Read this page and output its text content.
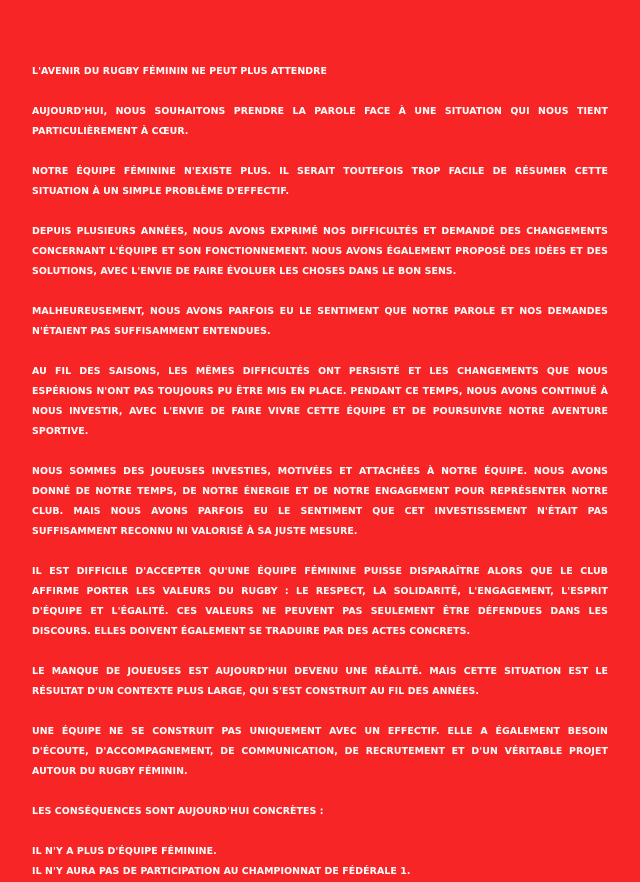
L'AVENIR DU RUGBY FÉMININ NE PEUT PLUS ATTENDRE
AUJOURD'HUI, NOUS SOUHAITONS PRENDRE LA PAROLE FACE À UNE SITUATION QUI NOUS TIENT PARTICULIÈREMENT À CŒUR.
NOTRE ÉQUIPE FÉMININE N'EXISTE PLUS. IL SERAIT TOUTEFOIS TROP FACILE DE RÉSUMER CETTE SITUATION À UN SIMPLE PROBLÈME D'EFFECTIF.
DEPUIS PLUSIEURS ANNÉES, NOUS AVONS EXPRIMÉ NOS DIFFICULTÉS ET DEMANDÉ DES CHANGEMENTS CONCERNANT L'ÉQUIPE ET SON FONCTIONNEMENT. NOUS AVONS ÉGALEMENT PROPOSÉ DES IDÉES ET DES SOLUTIONS, AVEC L'ENVIE DE FAIRE ÉVOLUER LES CHOSES DANS LE BON SENS.
MALHEUREUSEMENT, NOUS AVONS PARFOIS EU LE SENTIMENT QUE NOTRE PAROLE ET NOS DEMANDES N'ÉTAIENT PAS SUFFISAMMENT ENTENDUES.
AU FIL DES SAISONS, LES MÊMES DIFFICULTÉS ONT PERSISTÉ ET LES CHANGEMENTS QUE NOUS ESPÉRIONS N'ONT PAS TOUJOURS PU ÊTRE MIS EN PLACE. PENDANT CE TEMPS, NOUS AVONS CONTINUÉ À NOUS INVESTIR, AVEC L'ENVIE DE FAIRE VIVRE CETTE ÉQUIPE ET DE POURSUIVRE NOTRE AVENTURE SPORTIVE.
NOUS SOMMES DES JOUEUSES INVESTIES, MOTIVÉES ET ATTACHÉES À NOTRE ÉQUIPE. NOUS AVONS DONNÉ DE NOTRE TEMPS, DE NOTRE ÉNERGIE ET DE NOTRE ENGAGEMENT POUR REPRÉSENTER NOTRE CLUB. MAIS NOUS AVONS PARFOIS EU LE SENTIMENT QUE CET INVESTISSEMENT N'ÉTAIT PAS SUFFISAMMENT RECONNU NI VALORISÉ À SA JUSTE MESURE.
IL EST DIFFICILE D'ACCEPTER QU'UNE ÉQUIPE FÉMININE PUISSE DISPARAÎTRE ALORS QUE LE CLUB AFFIRME PORTER LES VALEURS DU RUGBY : LE RESPECT, LA SOLIDARITÉ, L'ENGAGEMENT, L'ESPRIT D'ÉQUIPE ET L'ÉGALITÉ. CES VALEURS NE PEUVENT PAS SEULEMENT ÊTRE DÉFENDUES DANS LES DISCOURS. ELLES DOIVENT ÉGALEMENT SE TRADUIRE PAR DES ACTES CONCRETS.
LE MANQUE DE JOUEUSES EST AUJOURD'HUI DEVENU UNE RÉALITÉ. MAIS CETTE SITUATION EST LE RÉSULTAT D'UN CONTEXTE PLUS LARGE, QUI S'EST CONSTRUIT AU FIL DES ANNÉES.
UNE ÉQUIPE NE SE CONSTRUIT PAS UNIQUEMENT AVEC UN EFFECTIF. ELLE A ÉGALEMENT BESOIN D'ÉCOUTE, D'ACCOMPAGNEMENT, DE COMMUNICATION, DE RECRUTEMENT ET D'UN VÉRITABLE PROJET AUTOUR DU RUGBY FÉMININ.
LES CONSÉQUENCES SONT AUJOURD'HUI CONCRÈTES :
IL N'Y A PLUS D'ÉQUIPE FÉMININE.
IL N'Y AURA PAS DE PARTICIPATION AU CHAMPIONNAT DE FÉDÉRALE 1.
